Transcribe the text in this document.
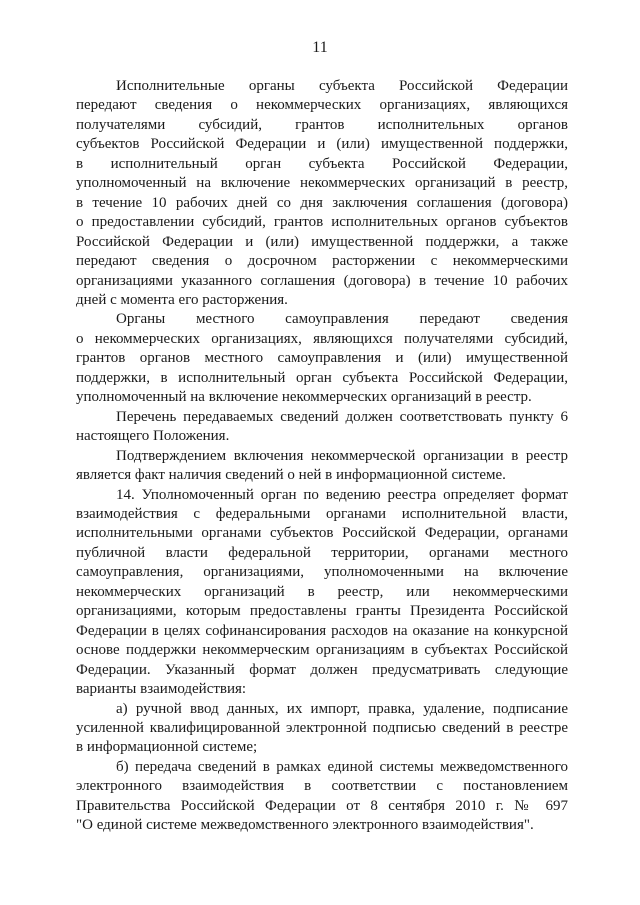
11

Исполнительные органы субъекта Российской Федерации
передают сведения о некоммерческих организациях, являющихся
получателями субсидий, грантов исполнительных органов
субъектов Российской Федерации и (или) имущественной поддержки,
в исполнительный орган субъекта Российской Федерации,
уполномоченный на включение некоммерческих организаций в реестр,
в течение 10 рабочих дней со дня заключения соглашения (договора)
о предоставлении субсидий, грантов исполнительных органов субъектов
Российской Федерации и (или) имущественной поддержки, а также
передают сведения о досрочном расторжении с некоммерческими
организациями указанного соглашения (договора) в течение 10 рабочих
дней с момента его расторжения.

Органы местного самоуправления передают сведения
о некоммерческих организациях, являющихся получателями субсидий,
грантов органов местного самоуправления и (или) имущественной
поддержки, в исполнительный орган субъекта Российской Федерации,
уполномоченный на включение некоммерческих организаций в реестр.

Перечень передаваемых сведений должен соответствовать пункту 6
настоящего Положения.

Подтверждением включения некоммерческой организации в реестр
является факт наличия сведений о ней в информационной системе.

14. Уполномоченный орган по ведению реестра определяет формат
взаимодействия с федеральными органами исполнительной власти,
исполнительными органами субъектов Российской Федерации, органами
публичной власти федеральной территории, органами местного
самоуправления, организациями, уполномоченными на включение
некоммерческих организаций в реестр, или некоммерческими
организациями, которым предоставлены гранты Президента Российской
Федерации в целях софинансирования расходов на оказание на конкурсной
основе поддержки некоммерческим организациям в субъектах Российской
Федерации. Указанный формат должен предусматривать следующие
варианты взаимодействия:

а) ручной ввод данных, их импорт, правка, удаление, подписание
усиленной квалифицированной электронной подписью сведений в реестре
в информационной системе;

б) передача сведений в рамках единой системы межведомственного
электронного взаимодействия в соответствии с постановлением
Правительства Российской Федерации от 8 сентября 2010 г. № 697
"О единой системе межведомственного электронного взаимодействия".
